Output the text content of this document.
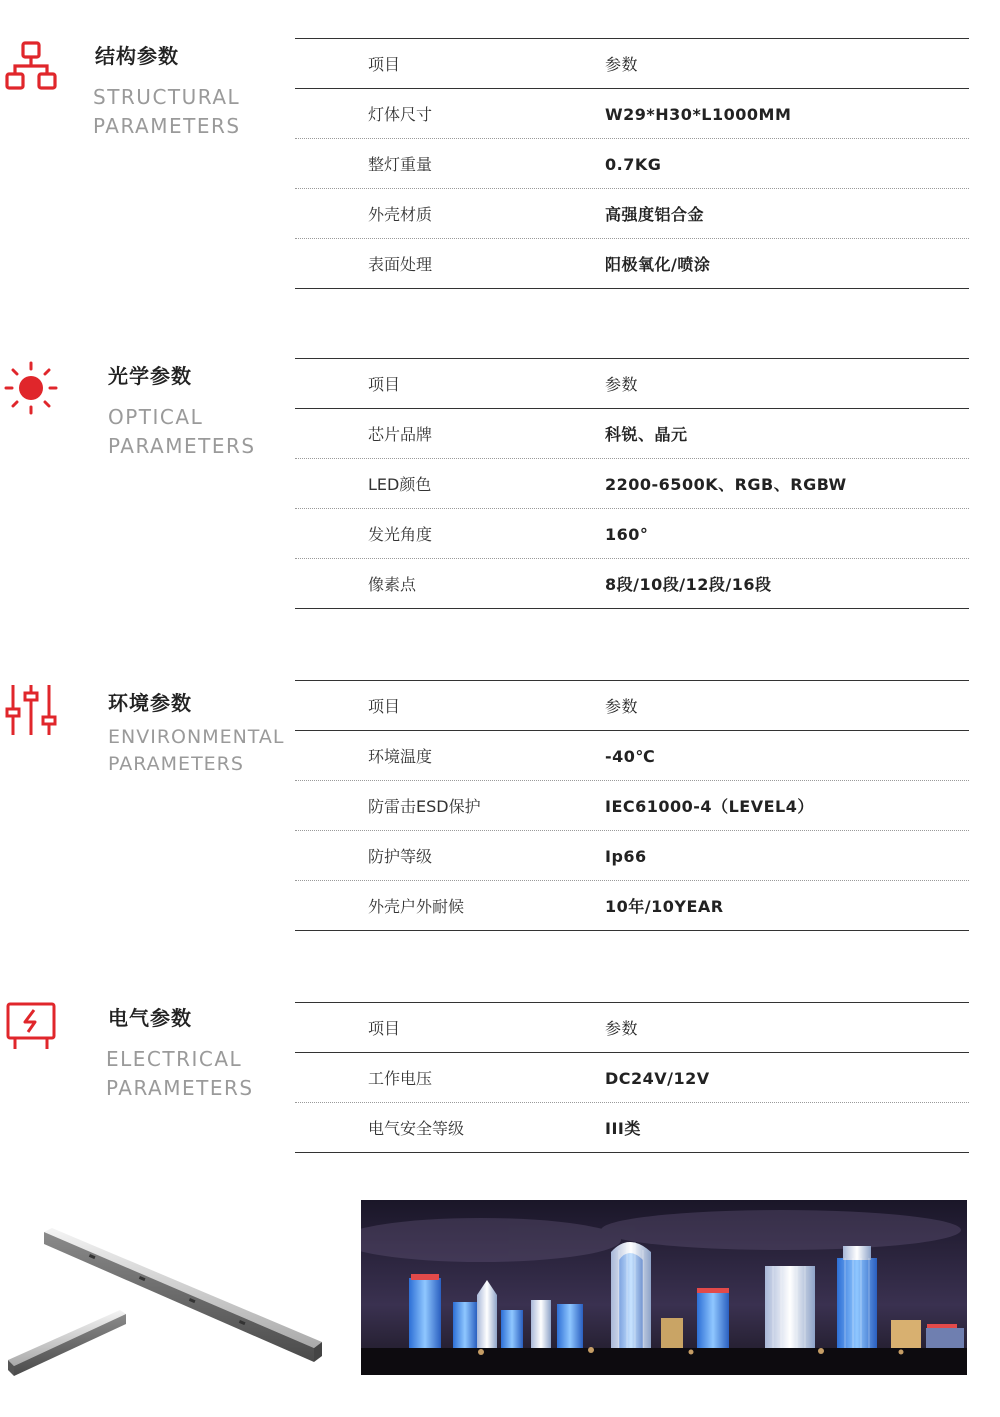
结构参数
STRUCTURAL
PARAMETERS
项目	参数
灯体尺寸	W29*H30*L1000MM
整灯重量	0.7KG
外壳材质	高强度铝合金
表面处理	阳极氧化/喷涂
光学参数
OPTICAL
PARAMETERS
项目	参数
芯片品牌	科锐、晶元
LED颜色	2200-6500K、RGB、RGBW
发光角度	160°
像素点	8段/10段/12段/16段
环境参数
ENVIRONMENTAL
PARAMETERS
项目	参数
环境温度	-40℃
防雷击ESD保护	IEC61000-4（LEVEL4）
防护等级	Ip66
外壳户外耐候	10年/10YEAR
电气参数
ELECTRICAL
PARAMETERS
项目	参数
工作电压	DC24V/12V
电气安全等级	III类
